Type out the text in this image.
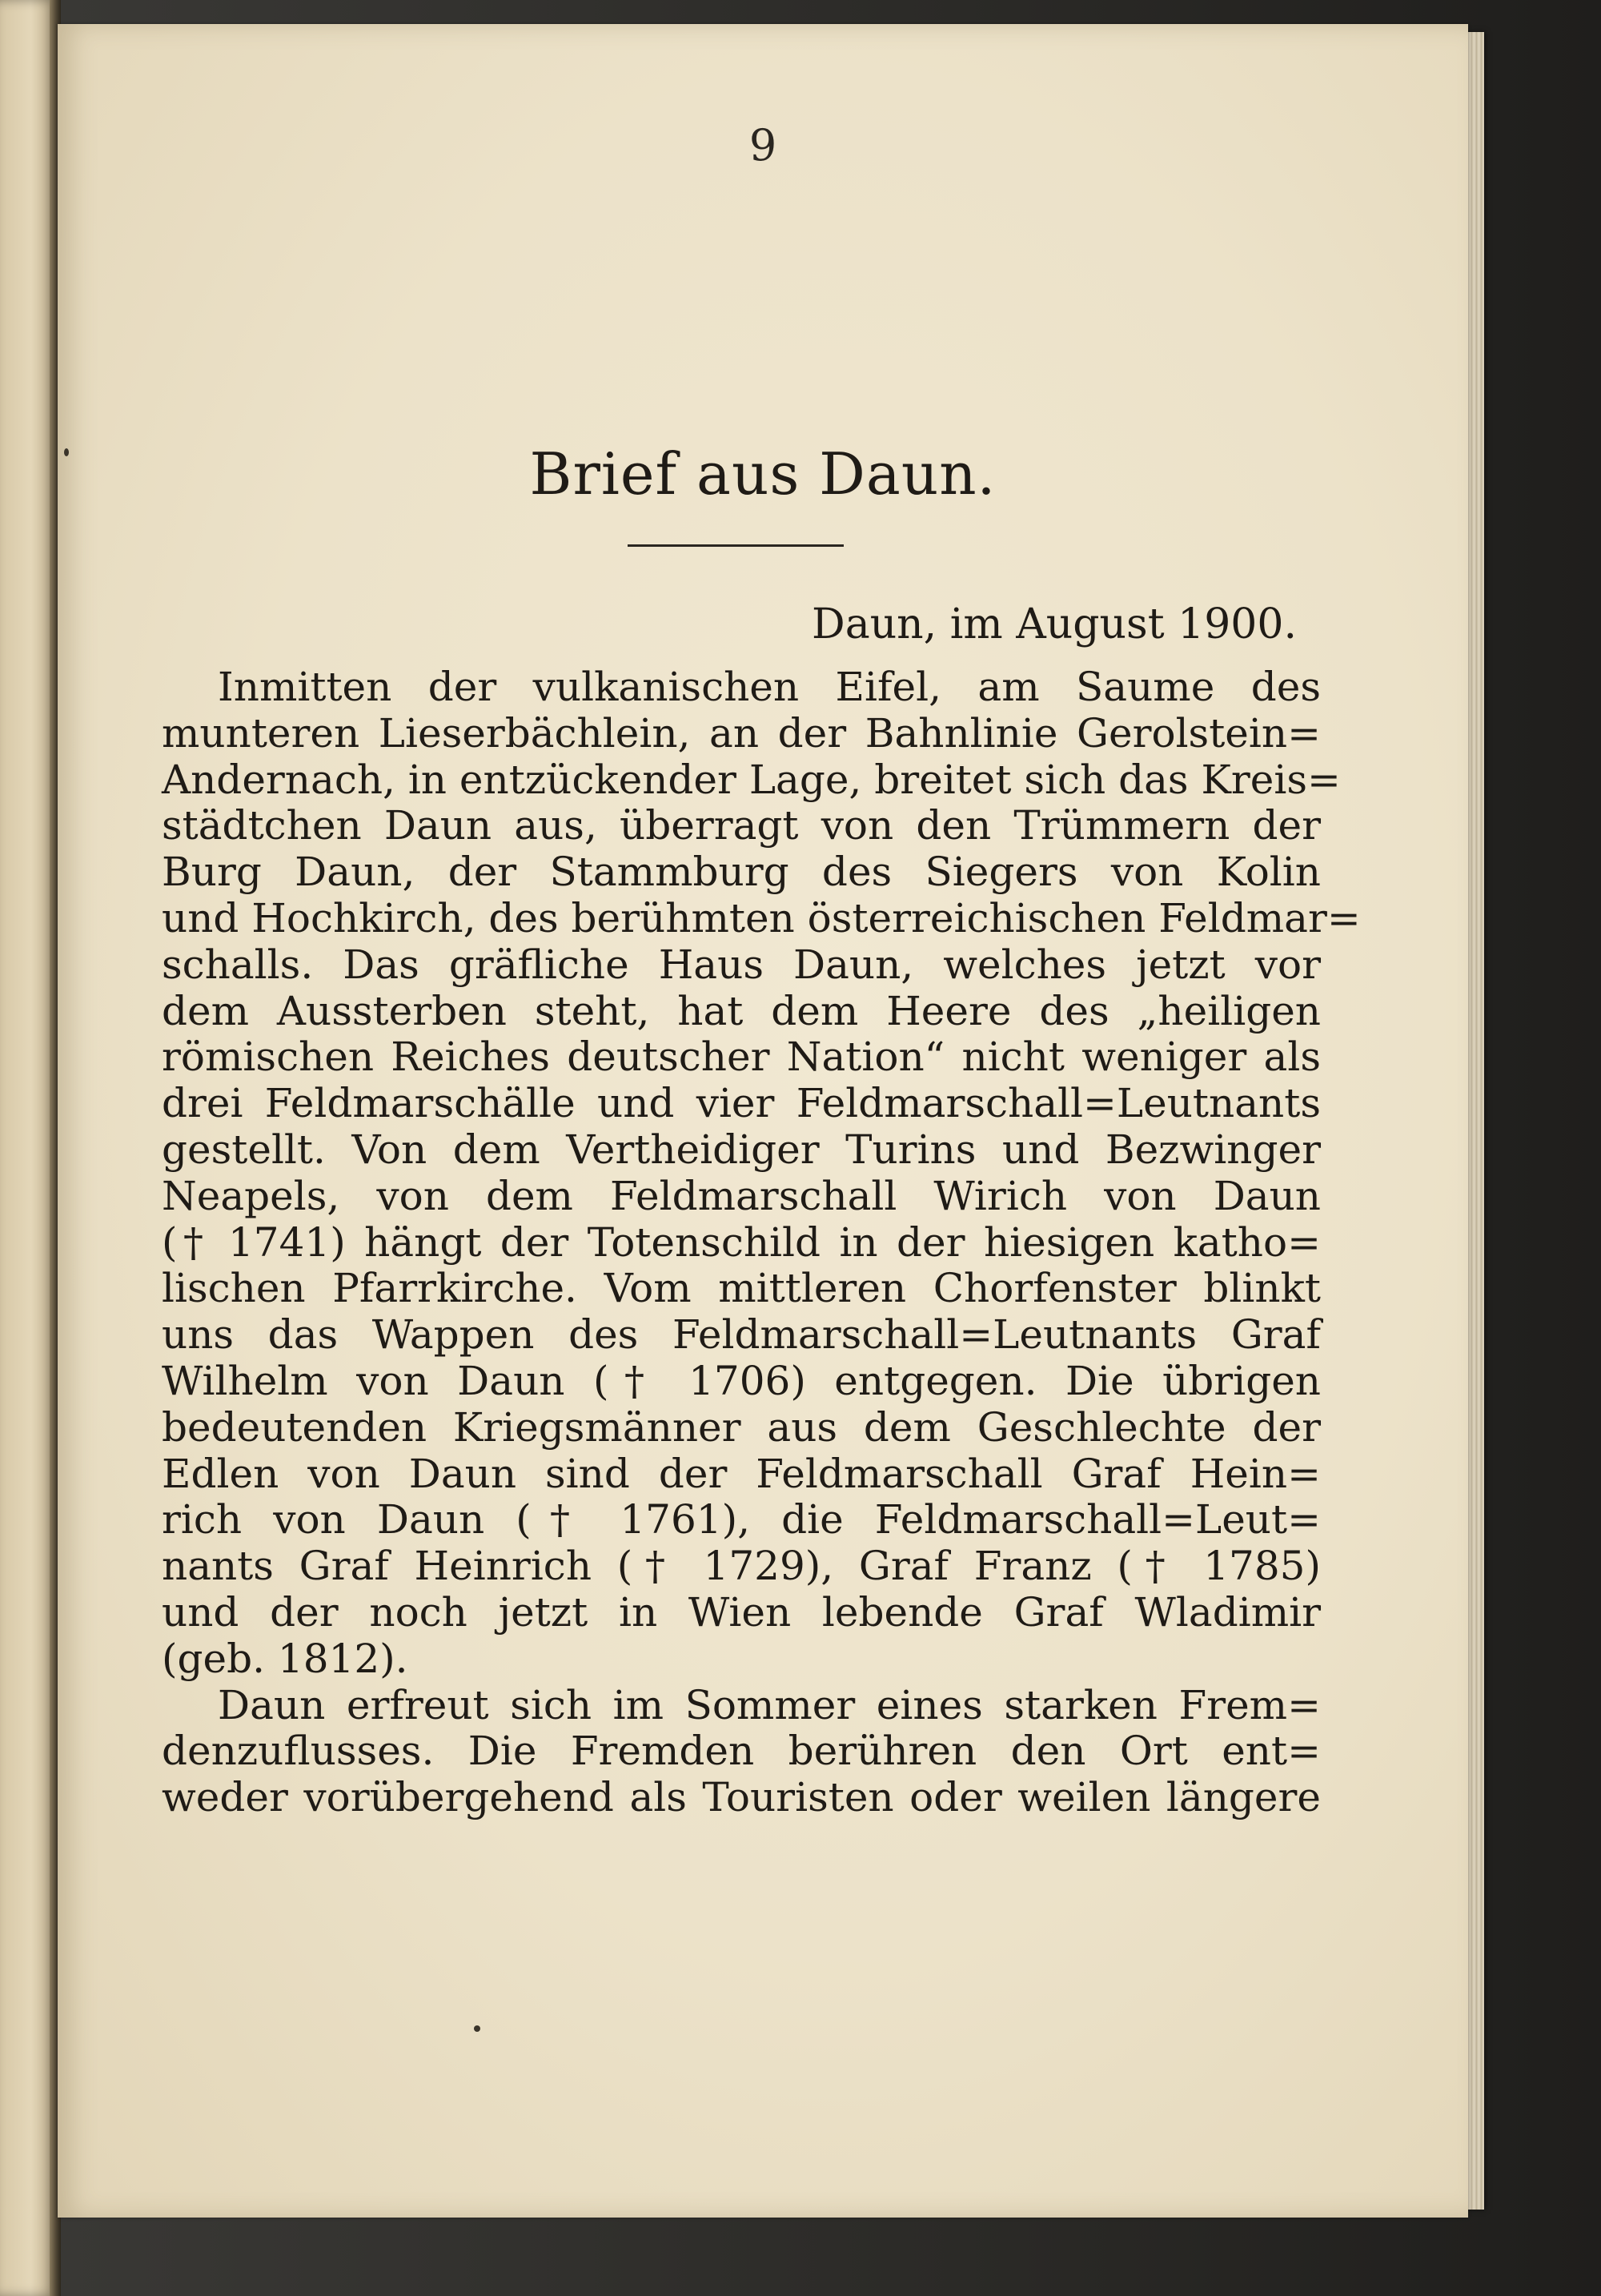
9
Brief aus Daun.
Daun, im August 1900.
Inmitten der vulkanischen Eifel, am Saume des
munteren Lieserbächlein, an der Bahnlinie Gerolstein=
Andernach, in entzückender Lage, breitet sich das Kreis=
städtchen Daun aus, überragt von den Trümmern der
Burg Daun, der Stammburg des Siegers von Kolin
und Hochkirch, des berühmten österreichischen Feldmar=
schalls. Das gräfliche Haus Daun, welches jetzt vor
dem Aussterben steht, hat dem Heere des „heiligen
römischen Reiches deutscher Nation“ nicht weniger als
drei Feldmarschälle und vier Feldmarschall=Leutnants
gestellt. Von dem Vertheidiger Turins und Bezwinger
Neapels, von dem Feldmarschall Wirich von Daun
(† 1741) hängt der Totenschild in der hiesigen katho=
lischen Pfarrkirche. Vom mittleren Chorfenster blinkt
uns das Wappen des Feldmarschall=Leutnants Graf
Wilhelm von Daun († 1706) entgegen. Die übrigen
bedeutenden Kriegsmänner aus dem Geschlechte der
Edlen von Daun sind der Feldmarschall Graf Hein=
rich von Daun († 1761), die Feldmarschall=Leut=
nants Graf Heinrich († 1729), Graf Franz († 1785)
und der noch jetzt in Wien lebende Graf Wladimir
(geb. 1812).
Daun erfreut sich im Sommer eines starken Frem=
denzuflusses. Die Fremden berühren den Ort ent=
weder vorübergehend als Touristen oder weilen längere
